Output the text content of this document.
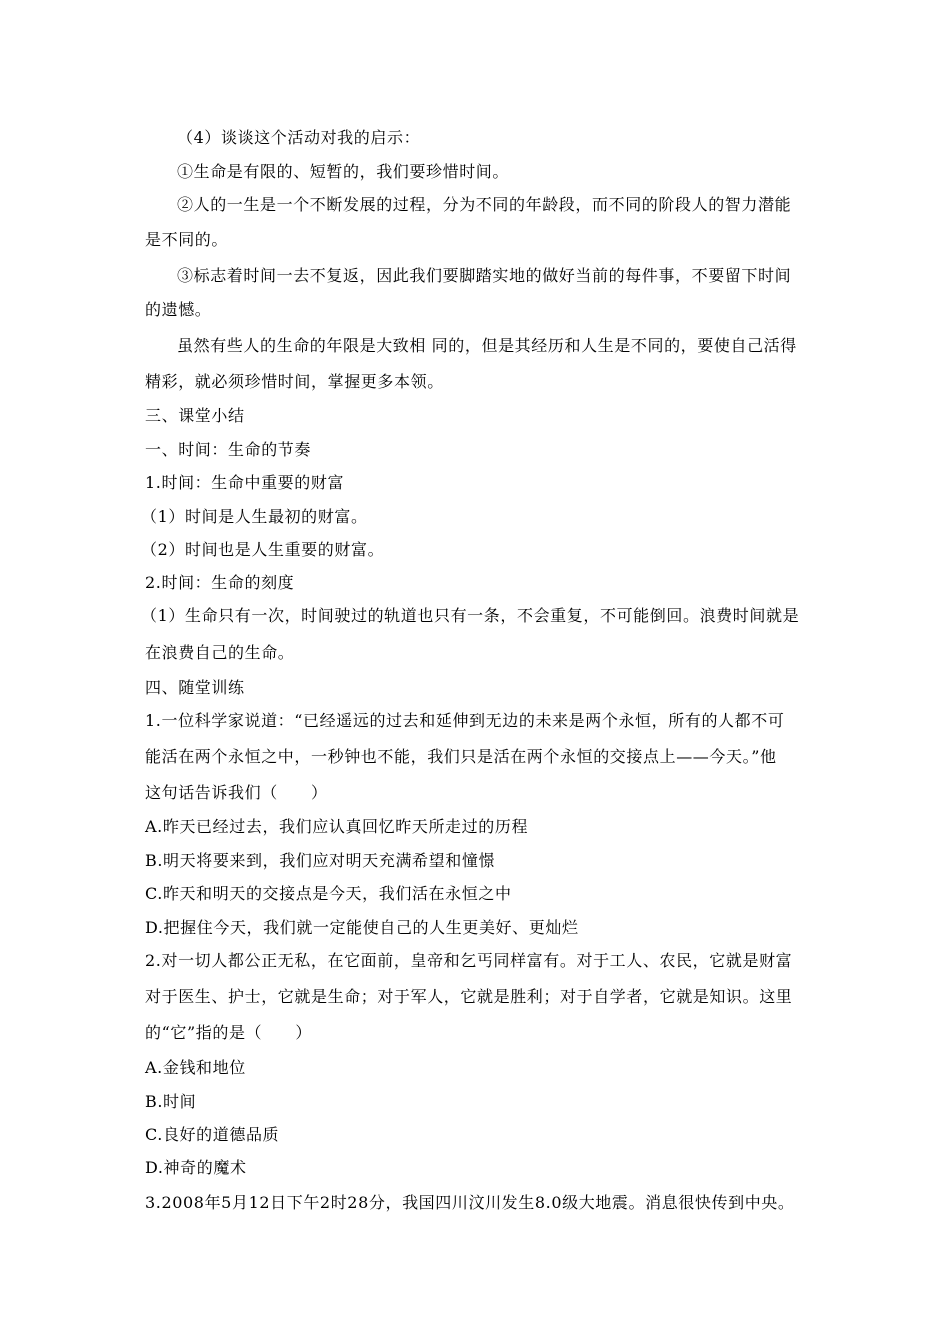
（4）谈谈这个活动对我的启示：
①生命是有限的、短暂的，我们要珍惜时间。
②人的一生是一个不断发展的过程，分为不同的年龄段，而不同的阶段人的智力潜能
是不同的。
③标志着时间一去不复返，因此我们要脚踏实地的做好当前的每件事，不要留下时间
的遗憾。
虽然有些人的生命的年限是大致相 同的，但是其经历和人生是不同的，要使自己活得
精彩，就必须珍惜时间，掌握更多本领。
三、课堂小结
一、时间：生命的节奏
1.时间：生命中重要的财富
（1）时间是人生最初的财富。
（2）时间也是人生重要的财富。
2.时间：生命的刻度
（1）生命只有一次，时间驶过的轨道也只有一条，不会重复，不可能倒回。浪费时间就是
在浪费自己的生命。
四、随堂训练
1.一位科学家说道：“已经遥远的过去和延伸到无边的未来是两个永恒，所有的人都不可
能活在两个永恒之中，一秒钟也不能，我们只是活在两个永恒的交接点上——今天。”他
这句话告诉我们（　　）
A.昨天已经过去，我们应认真回忆昨天所走过的历程
B.明天将要来到，我们应对明天充满希望和憧憬
C.昨天和明天的交接点是今天，我们活在永恒之中
D.把握住今天，我们就一定能使自己的人生更美好、更灿烂
2.对一切人都公正无私，在它面前，皇帝和乞丐同样富有。对于工人、农民，它就是财富
对于医生、护士，它就是生命；对于军人，它就是胜利；对于自学者，它就是知识。这里
的“它”指的是（　　）
A.金钱和地位
B.时间
C.良好的道德品质
D.神奇的魔术
3.2008年5月12日下午2时28分，我国四川汶川发生8.0级大地震。消息很快传到中央。
